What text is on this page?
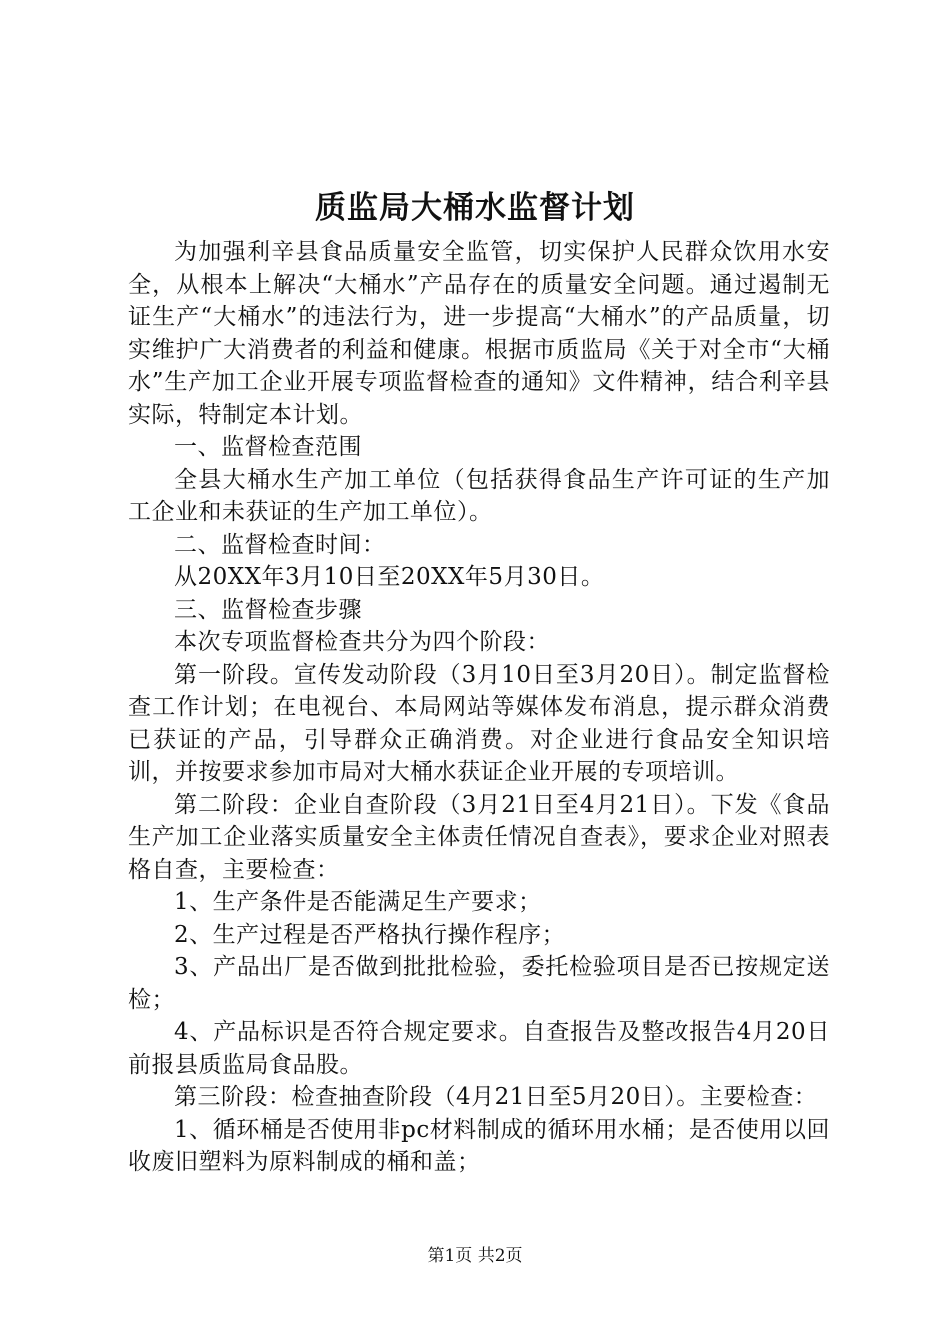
质监局大桶水监督计划

为加强利辛县食品质量安全监管，切实保护人民群众饮用水安全，从根本上解决“大桶水”产品存在的质量安全问题。通过遏制无证生产“大桶水”的违法行为，进一步提高“大桶水”的产品质量，切实维护广大消费者的利益和健康。根据市质监局《关于对全市“大桶水”生产加工企业开展专项监督检查的通知》文件精神，结合利辛县实际，特制定本计划。

一、监督检查范围

全县大桶水生产加工单位（包括获得食品生产许可证的生产加工企业和未获证的生产加工单位）。

二、监督检查时间：

从20XX年3月10日至20XX年5月30日。

三、监督检查步骤

本次专项监督检查共分为四个阶段：

第一阶段。宣传发动阶段（3月10日至3月20日）。制定监督检查工作计划；在电视台、本局网站等媒体发布消息，提示群众消费已获证的产品，引导群众正确消费。对企业进行食品安全知识培训，并按要求参加市局对大桶水获证企业开展的专项培训。

第二阶段：企业自查阶段（3月21日至4月21日）。下发《食品生产加工企业落实质量安全主体责任情况自查表》，要求企业对照表格自查，主要检查：

1、生产条件是否能满足生产要求；

2、生产过程是否严格执行操作程序；

3、产品出厂是否做到批批检验，委托检验项目是否已按规定送检；

4、产品标识是否符合规定要求。自查报告及整改报告4月20日前报县质监局食品股。

第三阶段：检查抽查阶段（4月21日至5月20日）。主要检查：

1、循环桶是否使用非pc材料制成的循环用水桶；是否使用以回收废旧塑料为原料制成的桶和盖；

第1页 共2页
